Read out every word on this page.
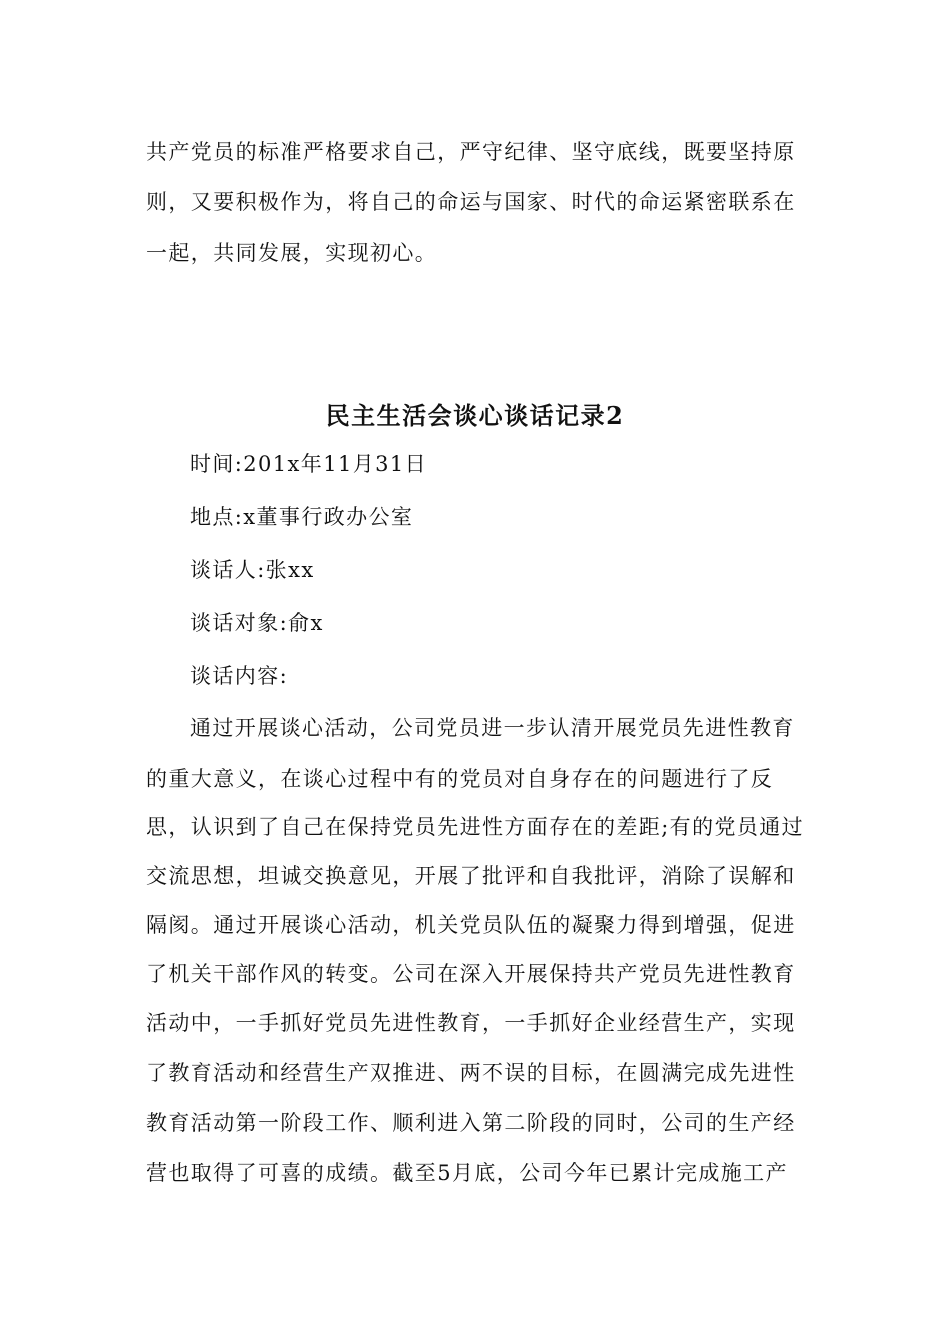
共产党员的标准严格要求自己，严守纪律、坚守底线，既要坚持原
则，又要积极作为，将自己的命运与国家、时代的命运紧密联系在
一起，共同发展，实现初心。
民主生活会谈心谈话记录2
时间:201x年11月31日
地点:x董事行政办公室
谈话人:张xx
谈话对象:俞x
谈话内容:
通过开展谈心活动，公司党员进一步认清开展党员先进性教育
的重大意义，在谈心过程中有的党员对自身存在的问题进行了反
思，认识到了自己在保持党员先进性方面存在的差距;有的党员通过
交流思想，坦诚交换意见，开展了批评和自我批评，消除了误解和
隔阂。通过开展谈心活动，机关党员队伍的凝聚力得到增强，促进
了机关干部作风的转变。公司在深入开展保持共产党员先进性教育
活动中，一手抓好党员先进性教育，一手抓好企业经营生产，实现
了教育活动和经营生产双推进、两不误的目标，在圆满完成先进性
教育活动第一阶段工作、顺利进入第二阶段的同时，公司的生产经
营也取得了可喜的成绩。截至5月底，公司今年已累计完成施工产
